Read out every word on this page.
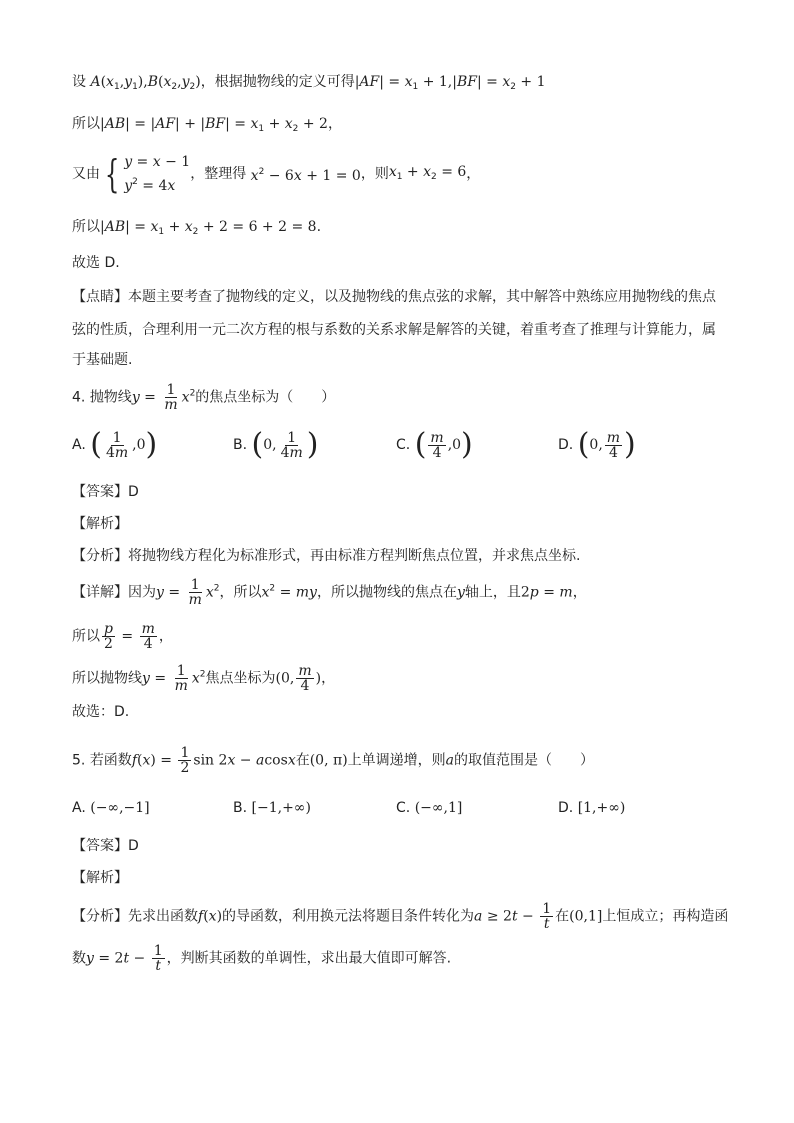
设 $A(x_1,y_1),B(x_2,y_2)$，根据抛物线的定义可得$|AF| = x_1 + 1,|BF| = x_2 + 1$
所以$|AB| = |AF| + |BF| = x_1 + x_2 + 2$，
又由 { y = x − 1
$y^2 = 4x$
，整理得 $x^2 - 6x + 1 = 0$，则$x_1 + x_2 = 6$，
所以$|AB| = x_1 + x_2 + 2 = 6 + 2 = 8$.
故选 D.
【点睛】本题主要考查了抛物线的定义，以及抛物线的焦点弦的求解，其中解答中熟练应用抛物线的焦点
弦的性质，合理利用一元二次方程的根与系数的关系求解是解答的关键，着重考查了推理与计算能力，属
于基础题.
4. 抛物线$y = \frac{1}{m} x^2$的焦点坐标为（　　）
A. ( $\frac{1}{4m} ,0$)	B. (0, $\frac{1}{4m}$ )	C. ( $\frac{m}{4} ,0$)	D. (0, $\frac{m}{4}$ )
【答案】D
【解析】
【分析】将抛物线方程化为标准形式，再由标准方程判断焦点位置，并求焦点坐标.
【详解】因为$y = \frac{1}{m} x^2$，所以$x^2$ = my，所以抛物线的焦点在y轴上，且2p = m，
所以 $\frac{p}{2} = \frac{m}{4}$ ，
所以抛物线$y = \frac{1}{m} x^2$焦点坐标为(0, $\frac{m}{4}$ )，
故选：D.
5. 若函数$f(x) = \frac{1}{2}$ sin 2x − acosx在(0, π)上单调递增，则a的取值范围是（　　）
A. (−∞,−1]	B. [−1,+∞)	C. (−∞,1]	D. [1,+∞)
【答案】D
【解析】
【分析】先求出函数f(x)的导函数，利用换元法将题目条件转化为$a \ge 2t - \frac{1}{t}$ 在(0,1]上恒成立；再构造函
数$y = 2t - \frac{1}{t}$ ，判断其函数的单调性，求出最大值即可解答.
